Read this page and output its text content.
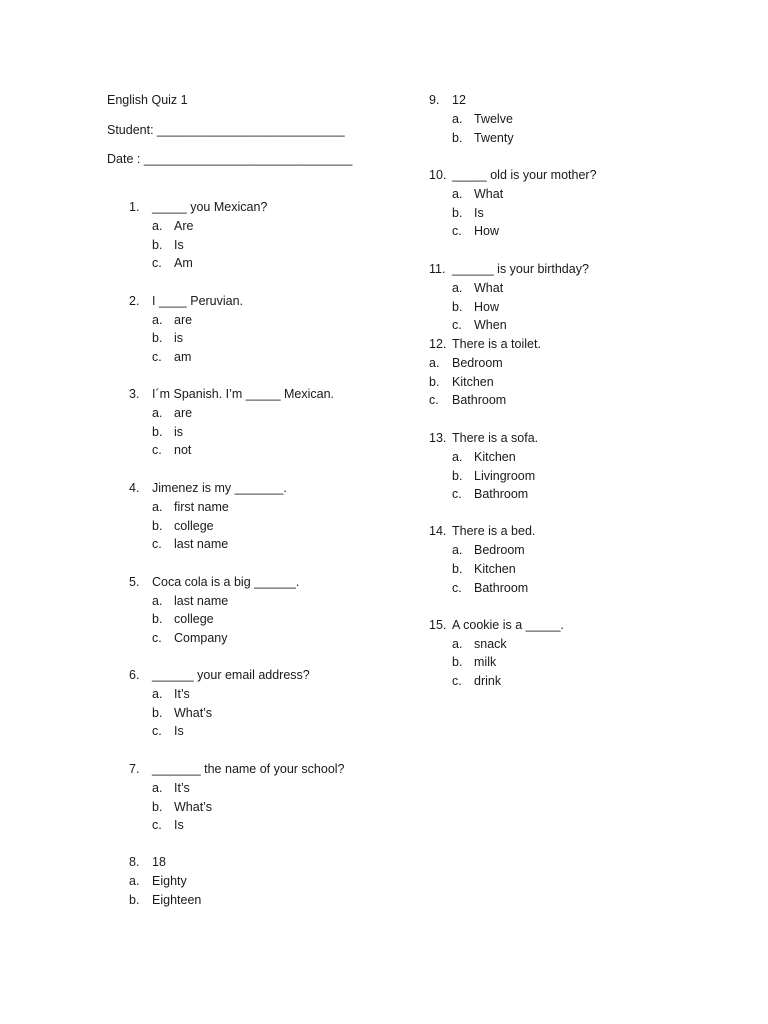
English Quiz 1
Student: ___________________________
Date : ______________________________
1. _____ you Mexican?
a. Are
b. Is
c. Am
2. I ____ Peruvian.
a. are
b. is
c. am
3. I´m Spanish. I’m _____ Mexican.
a. are
b. is
c. not
4. Jimenez is my _______.
a. first name
b. college
c. last name
5. Coca cola is a big ______.
a. last name
b. college
c. Company
6. ______ your email address?
a. It’s
b. What’s
c. Is
7. _______ the name of your school?
a. It’s
b. What’s
c. Is
8. 18
a. Eighty
b. Eighteen
9. 12
a. Twelve
b. Twenty
10. _____ old is your mother?
a. What
b. Is
c. How
11. ______ is your birthday?
a. What
b. How
c. When
12. There is a toilet.
a. Bedroom
b. Kitchen
c. Bathroom
13. There is a sofa.
a. Kitchen
b. Livingroom
c. Bathroom
14. There is a bed.
a. Bedroom
b. Kitchen
c. Bathroom
15. A cookie is a _____.
a. snack
b. milk
c. drink
